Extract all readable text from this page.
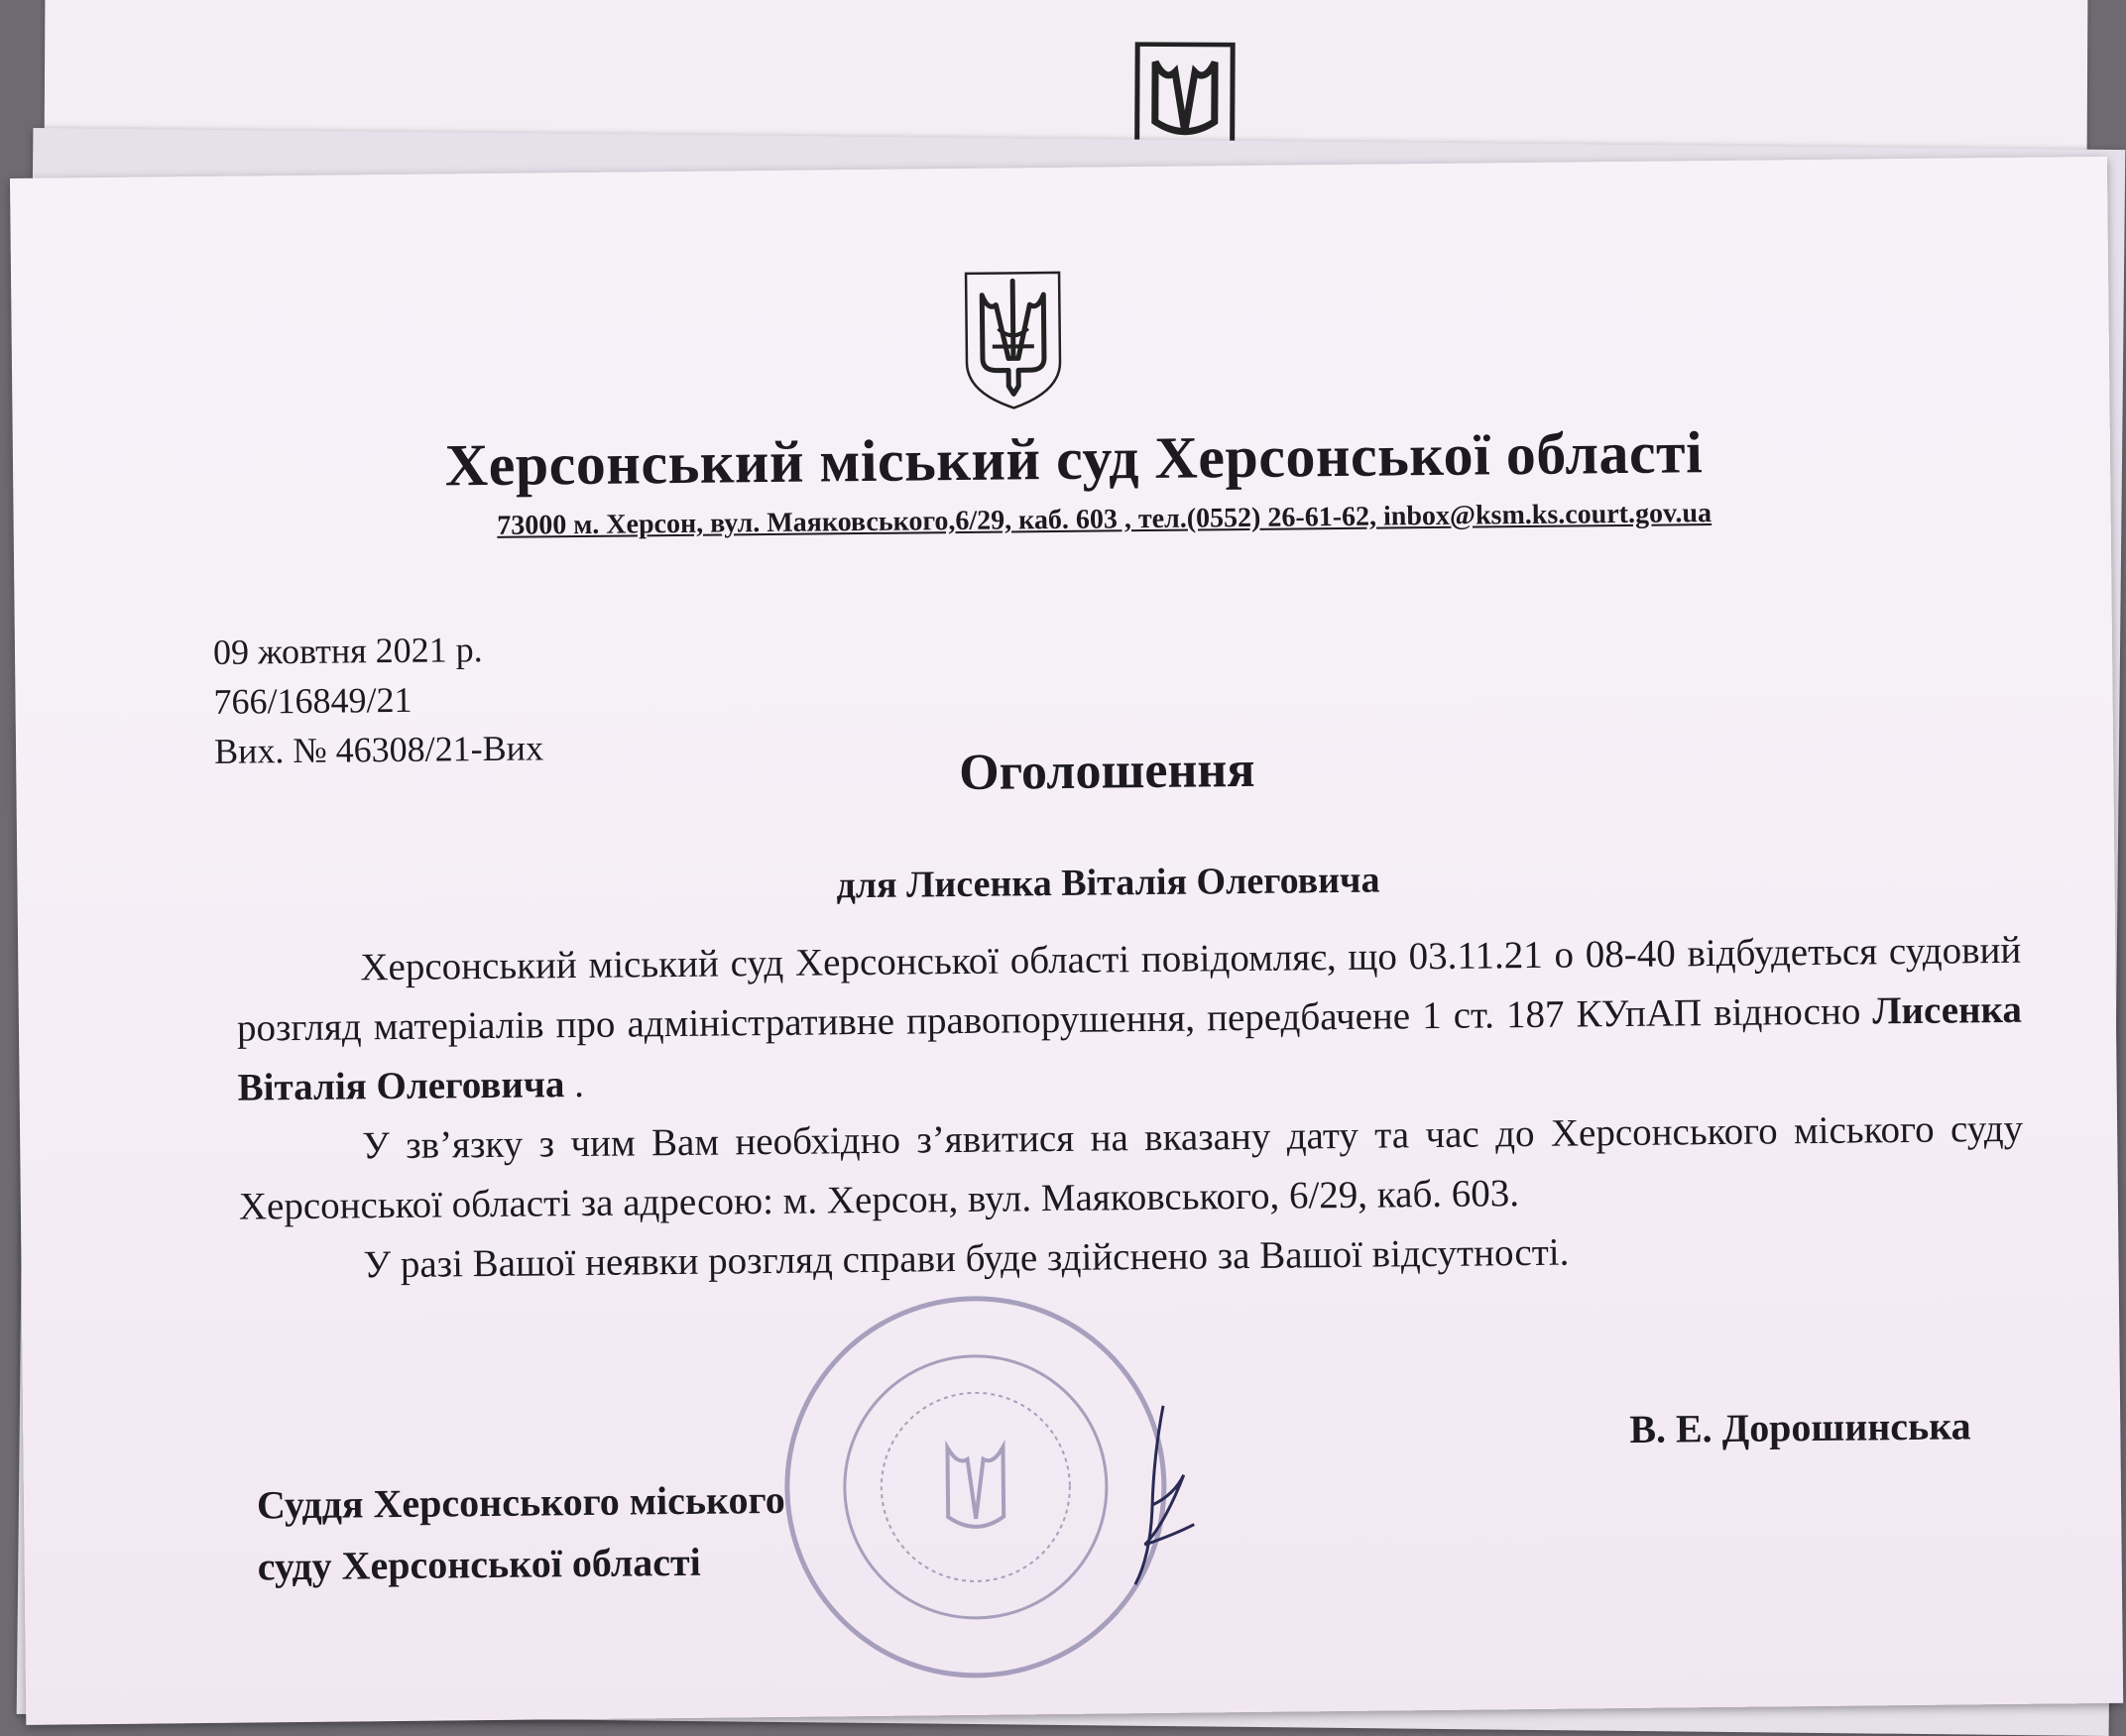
Херсонський міський суд Херсонської області
73000 м. Херсон, вул. Маяковського,6/29, каб. 603 , тел.(0552) 26-61-62, inbox@ksm.ks.court.gov.ua
09 жовтня 2021 р.
766/16849/21
Вих. № 46308/21-Вих	Оголошення
для Лисенка Віталія Олеговича

Херсонський міський суд Херсонської області повідомляє, що 03.11.21 о 08-40 відбудеться судовий розгляд матеріалів про адміністративне правопорушення, передбачене 1 ст. 187 КУпАП відносно Лисенка Віталія Олеговича .

У зв’язку з чим Вам необхідно з’явитися на вказану дату та час до Херсонського міського суду Херсонської області за адресою: м. Херсон, вул. Маяковського, 6/29, каб. 603.

У разі Вашої неявки розгляд справи буде здійснено за Вашої відсутності.

В. Е. Дорошинська
Суддя Херсонського міського
суду Херсонської області
